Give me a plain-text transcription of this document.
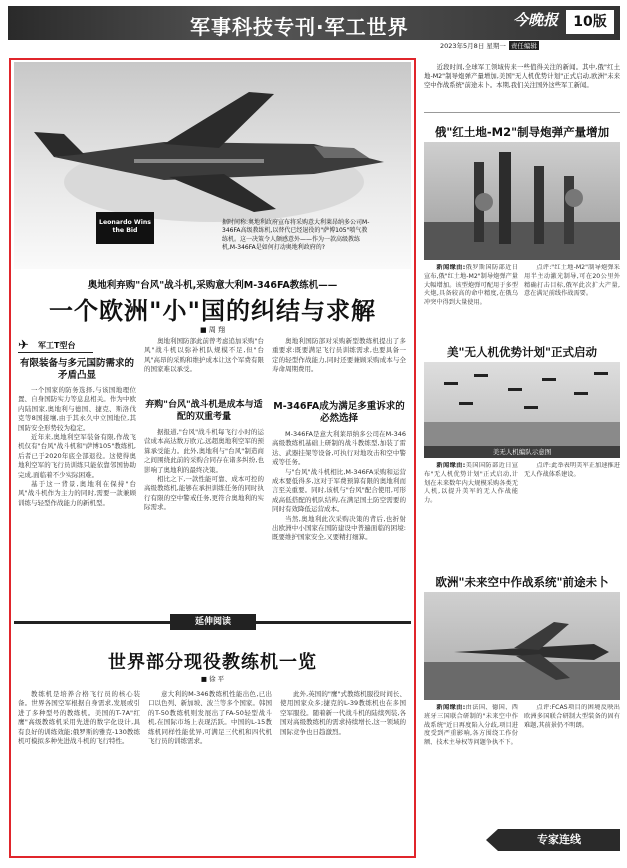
军事科技专刊·军工世界	今晚报	10版
2023年5月8日 星期一 责任编辑
Leonardo Wins the Bid
据时间称:奥地利政府宣布将采购意大利莱昂纳多公司M-346FA高级教练机,以替代已经退役的"萨博105"喷气教练机。这一决策令人颇感意外——作为一款高级教练机,M-346FA是如何打动奥地利政府的?
奥地利弃购"台风"战斗机,采购意大利M-346FA教练机——
一个欧洲"小"国的纠结与求解
■ 周 翔
✈ 军工T型台
有限装备与多元国防需求的矛盾凸显

一个国家的防务选择,与该国地理位置、自身国防实力等息息相关。作为中欧内陆国家,奥地利与德国、捷克、斯洛伐克等8国接壤,由于其永久中立国地位,其国防安全形势较为稳定。

近年来,奥地利空军装备有限,作战飞机仅有"台风"战斗机和"萨博105"教练机,后者已于2020年底全部退役。这使得奥地利空军的飞行员训练只能依靠邻国协助完成,面临着不少实际困难。

基于这一背景,奥地利在保持"台风"战斗机作为主力的同时,需要一款兼顾训练与轻型作战能力的新机型。

奥地利国防部此前曾考虑追加采购"台风"战斗机以弥补机队规模不足,但"台风"高昂的采购和维护成本让这个军费有限的国家难以承受。

弃购"台风"战斗机是成本与适配的双重考量

据报道,"台风"战斗机每飞行小时的运营成本高达数万欧元,远超奥地利空军的预算承受能力。此外,奥地利与"台风"制造商之间围绕此前的采购合同存在诸多纠纷,也影响了奥地利的最终决策。

相比之下,一款性能可靠、成本可控的高级教练机,能够在承担训练任务的同时执行有限的空中警戒任务,更符合奥地利的实际需求。

奥地利国防部对采购新型教练机提出了多重要求:既要满足飞行员训练需求,也要具备一定的轻型作战能力,同时还要兼顾采购成本与全寿命周期费用。

M-346FA成为满足多重诉求的必然选择

M-346FA是意大利莱昂纳多公司在M-346高级教练机基础上研制的战斗教练型,加装了雷达、武器挂架等设备,可执行对地攻击和空中警戒等任务。

与"台风"战斗机相比,M-346FA采购和运营成本要低得多,这对于军费预算有限的奥地利而言至关重要。同时,该机与"台风"配合使用,可形成高低搭配的机队结构,在满足国土防空需要的同时有效降低运营成本。

当然,奥地利此次采购决策的背后,也折射出欧洲中小国家在国防建设中普遍面临的困境:既要维护国家安全,又要精打细算。

延伸阅读
世界部分现役教练机一览
■ 徐 平

教练机是培养合格飞行员的核心装备。世界各国空军根据自身需求,发展或引进了多种型号的教练机。美国的T-7A"红鹰"高级教练机采用先进的数字化设计,具有良好的训练效能;俄罗斯的雅克-130教练机可模拟多种先进战斗机的飞行特性。

意大利的M-346教练机性能出色,已出口以色列、新加坡、波兰等多个国家。韩国的T-50教练机则发展出了FA-50轻型战斗机,在国际市场上表现活跃。中国的L-15教练机同样性能优异,可满足三代机和四代机飞行员的训练需求。

此外,英国的"鹰"式教练机服役时间长、使用国家众多;捷克的L-39教练机也在多国空军服役。随着新一代战斗机的陆续列装,各国对高级教练机的需求持续增长,这一领域的国际竞争也日趋激烈。

近段时间,全球军工领域传来一些值得关注的新闻。其中,俄"红土地-M2"制导炮弹产量增加,美国"无人机优势计划"正式启动,欧洲"未来空中作战系统"前途未卜。本期,我们关注国外这些军工新闻。

俄"红土地-M2"制导炮弹产量增加

新闻缘由:俄罗斯国防部近日宣布,俄"红土地-M2"制导炮弹产量大幅增加。该型炮弹可配用于多型火炮,具备较高的命中精度,在俄乌冲突中得到大量使用。

点评:"红土地-M2"制导炮弹采用半主动激光制导,可在20公里外精确打击目标,俄军此次扩大产量,意在满足前线作战需要。

美"无人机优势计划"正式启动
美无人机编队示意图

新闻缘由:美国国防部近日宣布"无人机优势计划"正式启动,计划在未来数年内大规模采购各类无人机,以提升美军的无人作战能力。

点评:此举表明美军正加速推进无人作战体系建设。

欧洲"未来空中作战系统"前途未卜

新闻缘由:由法国、德国、西班牙三国联合研制的"未来空中作战系统"近日再度陷入分歧,项目进度受到严重影响,各方围绕工作份额、技术主导权等问题争执不下。

点评:FCAS项目的困境反映出欧洲多国联合研制大型装备的固有难题,其前景仍不明朗。

专家连线
